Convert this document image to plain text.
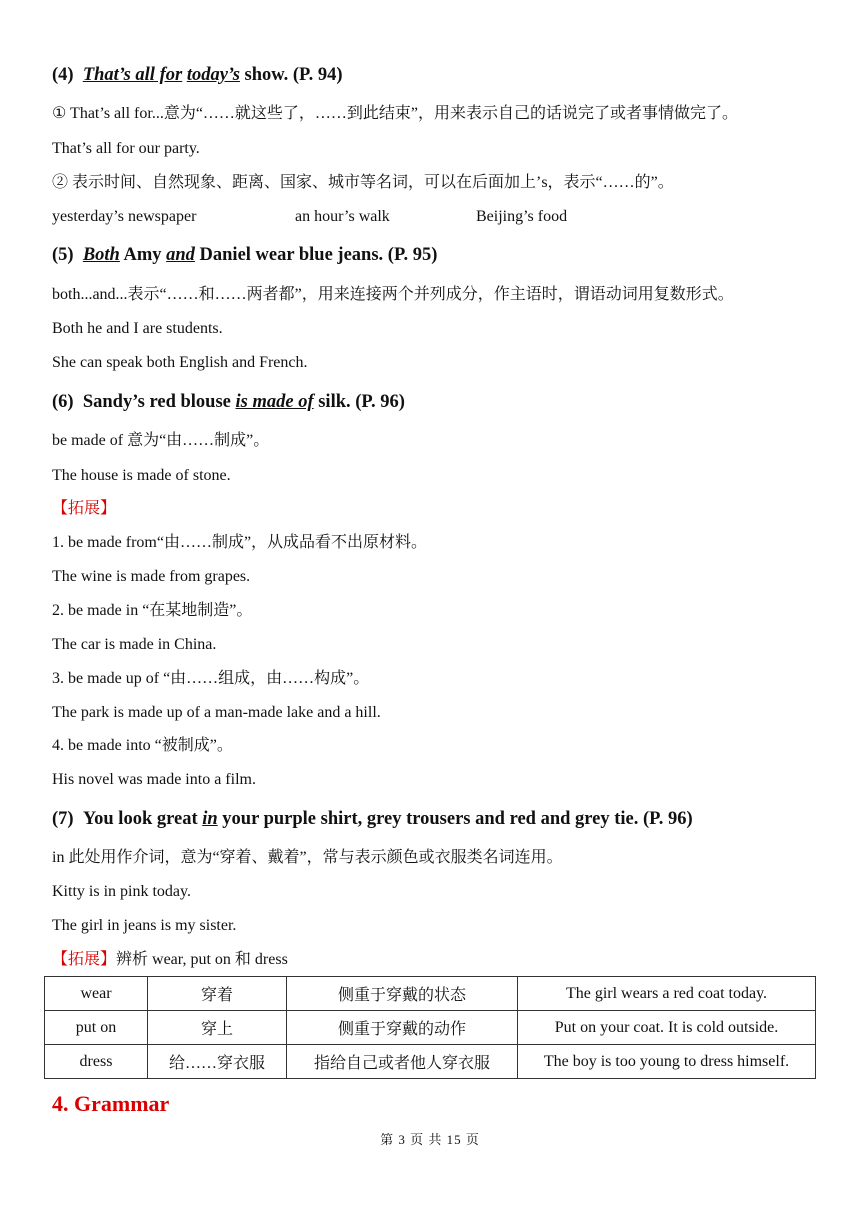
(4) That’s all for today’s show. (P. 94)
① That’s all for...意为“……就这些了，……到此结束”，用来表示自己的话说完了或者事情做完了。
That’s all for our party.
② 表示时间、自然现象、距离、国家、城市等名词，可以在后面加上’s，表示“……的”。
yesterday’s newspaper	an hour’s walk	Beijing’s food
(5) Both Amy and Daniel wear blue jeans. (P. 95)
both...and...表示“……和……两者都”，用来连接两个并列成分，作主语时，谓语动词用复数形式。
Both he and I are students.
She can speak both English and French.
(6) Sandy’s red blouse is made of silk. (P. 96)
be made of 意为“由……制成”。
The house is made of stone.
【拓展】
1. be made from“由……制成”，从成品看不出原材料。
The wine is made from grapes.
2. be made in “在某地制造”。
The car is made in China.
3. be made up of “由……组成，由……构成”。
The park is made up of a man-made lake and a hill.
4. be made into “被制成”。
His novel was made into a film.
(7) You look great in your purple shirt, grey trousers and red and grey tie. (P. 96)
in 此处用作介词，意为“穿着、戴着”，常与表示颜色或衣服类名词连用。
Kitty is in pink today.
The girl in jeans is my sister.
【拓展】辨析 wear, put on 和 dress
4. Grammar
wear	穿着	侧重于穿戴的状态	The girl wears a red coat today.
put on	穿上	侧重于穿戴的动作	Put on your coat. It is cold outside.
dress	给……穿衣服	指给自己或者他人穿衣服	The boy is too young to dress himself.
第 3 页 共 15 页
